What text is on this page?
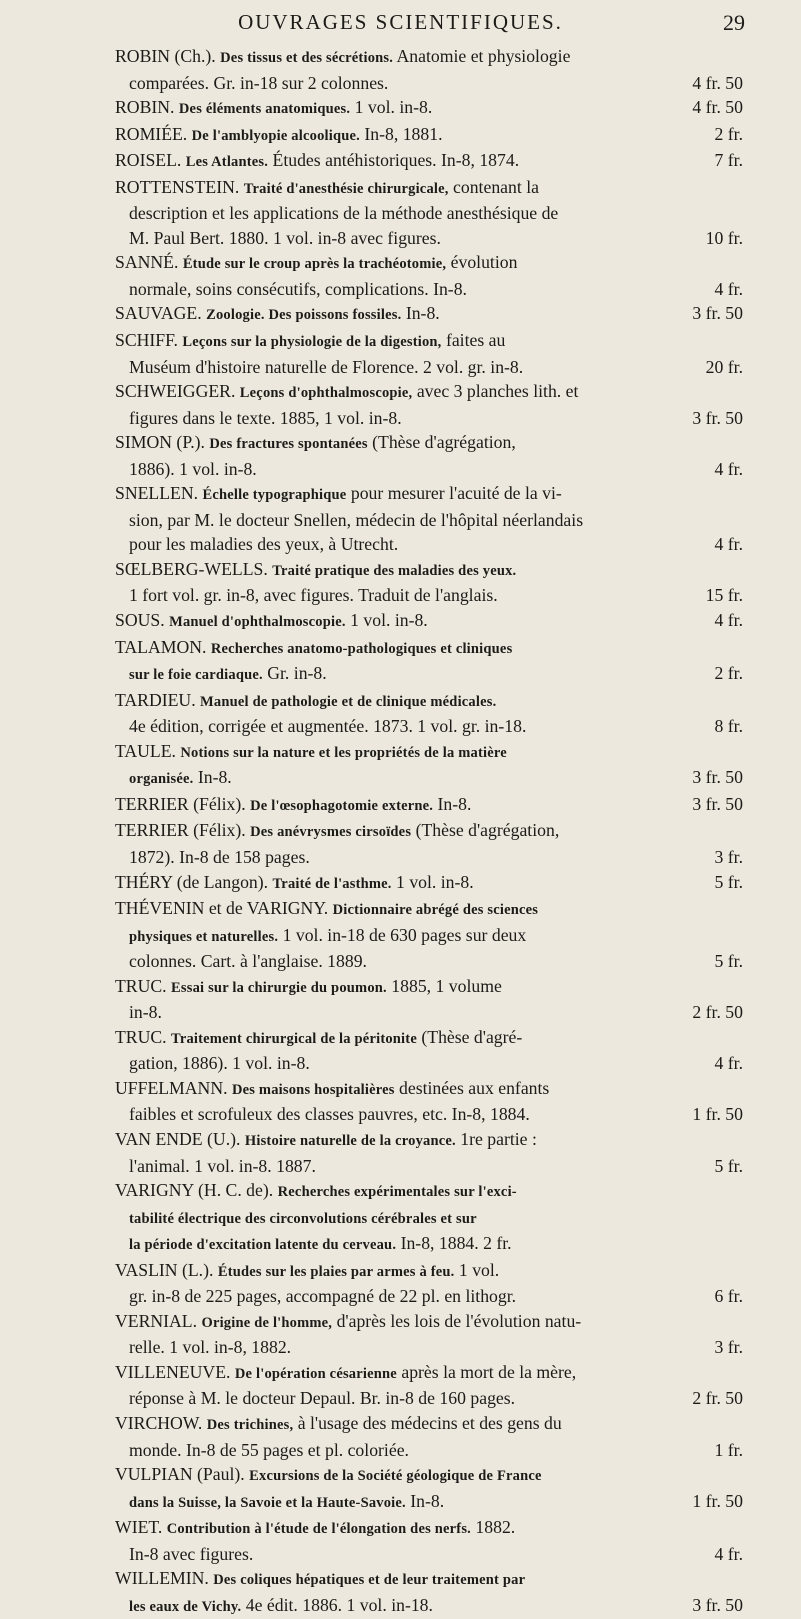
OUVRAGES SCIENTIFIQUES.	29
ROBIN (Ch.). Des tissus et des sécrétions. Anatomie et physiologie
4 fr. 50
comparées. Gr. in-18 sur 2 colonnes.
4 fr. 50
ROBIN. Des éléments anatomiques. 1 vol. in-8.
2 fr.
ROMIÉE. De l'amblyopie alcoolique. In-8, 1881.
7 fr.
ROISEL. Les Atlantes. Études antéhistoriques. In-8, 1874.
ROTTENSTEIN. Traité d'anesthésie chirurgicale, contenant la
description et les applications de la méthode anesthésique de
10 fr.
M. Paul Bert. 1880. 1 vol. in-8 avec figures.
SANNÉ. Étude sur le croup après la trachéotomie, évolution
4 fr.
normale, soins consécutifs, complications. In-8.
3 fr. 50
SAUVAGE. Zoologie. Des poissons fossiles. In-8.
SCHIFF. Leçons sur la physiologie de la digestion, faites au
20 fr.
Muséum d'histoire naturelle de Florence. 2 vol. gr. in-8.
SCHWEIGGER. Leçons d'ophthalmoscopie, avec 3 planches lith. et
3 fr. 50
figures dans le texte. 1885, 1 vol. in-8.
SIMON (P.). Des fractures spontanées (Thèse d'agrégation,
4 fr.
1886). 1 vol. in-8.
SNELLEN. Échelle typographique pour mesurer l'acuité de la vi-
sion, par M. le docteur Snellen, médecin de l'hôpital néerlandais
4 fr.
pour les maladies des yeux, à Utrecht.
SŒLBERG-WELLS. Traité pratique des maladies des yeux.
15 fr.
1 fort vol. gr. in-8, avec figures. Traduit de l'anglais.
4 fr.
SOUS. Manuel d'ophthalmoscopie. 1 vol. in-8.
TALAMON. Recherches anatomo-pathologiques et cliniques
2 fr.
sur le foie cardiaque. Gr. in-8.
TARDIEU. Manuel de pathologie et de clinique médicales.
8 fr.
4e édition, corrigée et augmentée. 1873. 1 vol. gr. in-18.
TAULE. Notions sur la nature et les propriétés de la matière
3 fr. 50
organisée. In-8.
3 fr. 50
TERRIER (Félix). De l'œsophagotomie externe. In-8.
TERRIER (Félix). Des anévrysmes cirsoïdes (Thèse d'agrégation,
3 fr.
1872). In-8 de 158 pages.
5 fr.
THÉRY (de Langon). Traité de l'asthme. 1 vol. in-8.
THÉVENIN et de VARIGNY. Dictionnaire abrégé des sciences
physiques et naturelles. 1 vol. in-18 de 630 pages sur deux
5 fr.
colonnes. Cart. à l'anglaise. 1889.
TRUC. Essai sur la chirurgie du poumon. 1885, 1 volume
2 fr. 50
in-8.
TRUC. Traitement chirurgical de la péritonite (Thèse d'agré-
4 fr.
gation, 1886). 1 vol. in-8.
UFFELMANN. Des maisons hospitalières destinées aux enfants
1 fr. 50
faibles et scrofuleux des classes pauvres, etc. In-8, 1884.
VAN ENDE (U.). Histoire naturelle de la croyance. 1re partie :
5 fr.
l'animal. 1 vol. in-8. 1887.
VARIGNY (H. C. de). Recherches expérimentales sur l'exci-
tabilité électrique des circonvolutions cérébrales et sur
la période d'excitation latente du cerveau. In-8, 1884. 2 fr.
VASLIN (L.). Études sur les plaies par armes à feu. 1 vol.
6 fr.
gr. in-8 de 225 pages, accompagné de 22 pl. en lithogr.
VERNIAL. Origine de l'homme, d'après les lois de l'évolution natu-
3 fr.
relle. 1 vol. in-8, 1882.
VILLENEUVE. De l'opération césarienne après la mort de la mère,
2 fr. 50
réponse à M. le docteur Depaul. Br. in-8 de 160 pages.
VIRCHOW. Des trichines, à l'usage des médecins et des gens du
1 fr.
monde. In-8 de 55 pages et pl. coloriée.
VULPIAN (Paul). Excursions de la Société géologique de France
1 fr. 50
dans la Suisse, la Savoie et la Haute-Savoie. In-8.
WIET. Contribution à l'étude de l'élongation des nerfs. 1882.
4 fr.
In-8 avec figures.
WILLEMIN. Des coliques hépatiques et de leur traitement par
3 fr. 50
les eaux de Vichy. 4e édit. 1886. 1 vol. in-18.
